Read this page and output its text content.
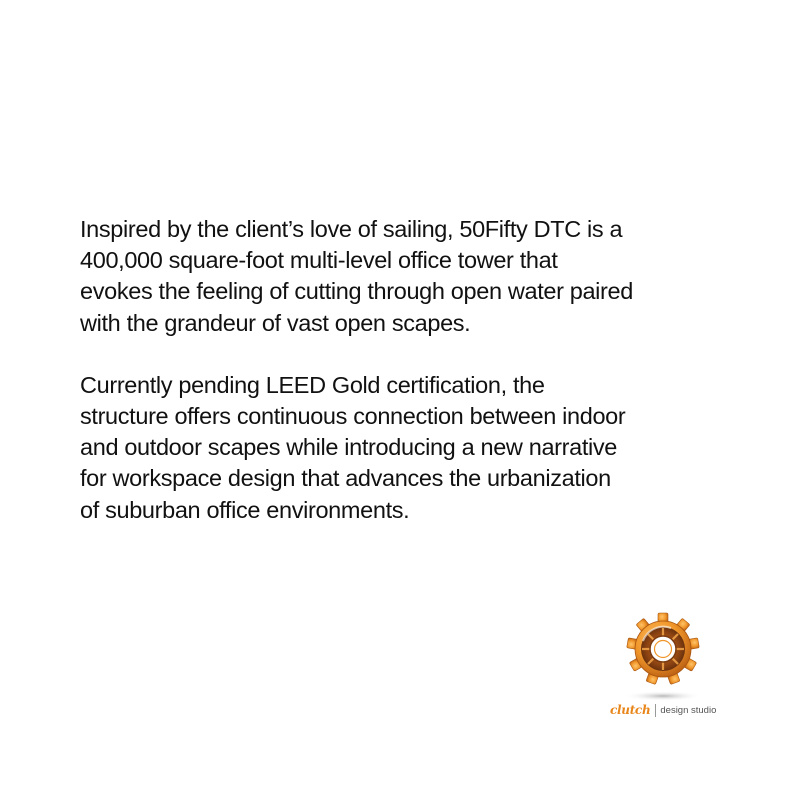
Inspired by the client’s love of sailing, 50Fifty DTC is a
400,000 square-foot multi-level office tower that
evokes the feeling of cutting through open water paired
with the grandeur of vast open scapes.

Currently pending LEED Gold certification, the
structure offers continuous connection between indoor
and outdoor scapes while introducing a new narrative
for workspace design that advances the urbanization
of suburban office environments.

clutch design studio
